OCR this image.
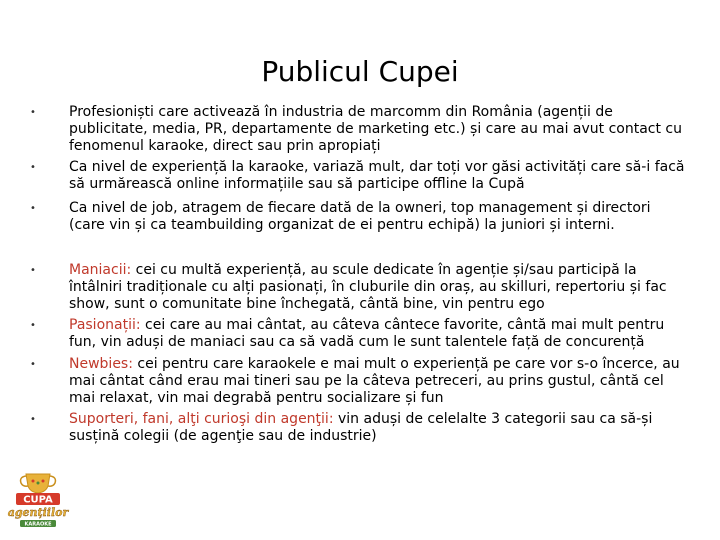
Publicul Cupei
• Profesioniști care activează în industria de marcomm din România (agenții de publicitate, media, PR, departamente de marketing etc.) și care au mai avut contact cu fenomenul karaoke, direct sau prin apropiați
• Ca nivel de experiență la karaoke, variază mult, dar toți vor găsi activități care să-i facă să urmărească online informațiile sau să participe offline la Cupă
• Ca nivel de job, atragem de fiecare dată de la owneri, top management și directori (care vin și ca teambuilding organizat de ei pentru echipă) la juniori și interni.
• Maniacii: cei cu multă experiență, au scule dedicate în agenție și/sau participă la întâlniri tradiționale cu alți pasionați, în cluburile din oraș, au skilluri, repertoriu și fac show, sunt o comunitate bine închegată, cântă bine, vin pentru ego
• Pasionații: cei care au mai cântat, au câteva cântece favorite, cântă mai mult pentru fun, vin aduși de maniaci sau ca să vadă cum le sunt talentele față de concurență
• Newbies: cei pentru care karaokele e mai mult o experiență pe care vor s-o încerce, au mai cântat când erau mai tineri sau pe la câteva petreceri, au prins gustul, cântă cel mai relaxat, vin mai degrabă pentru socializare și fun
• Suporteri, fani, alţi curioşi din agenţii: vin aduși de celelalte 3 categorii sau ca să-și susțină colegii (de agenţie sau de industrie)
CUPA
agențiilor
KARAOKE
